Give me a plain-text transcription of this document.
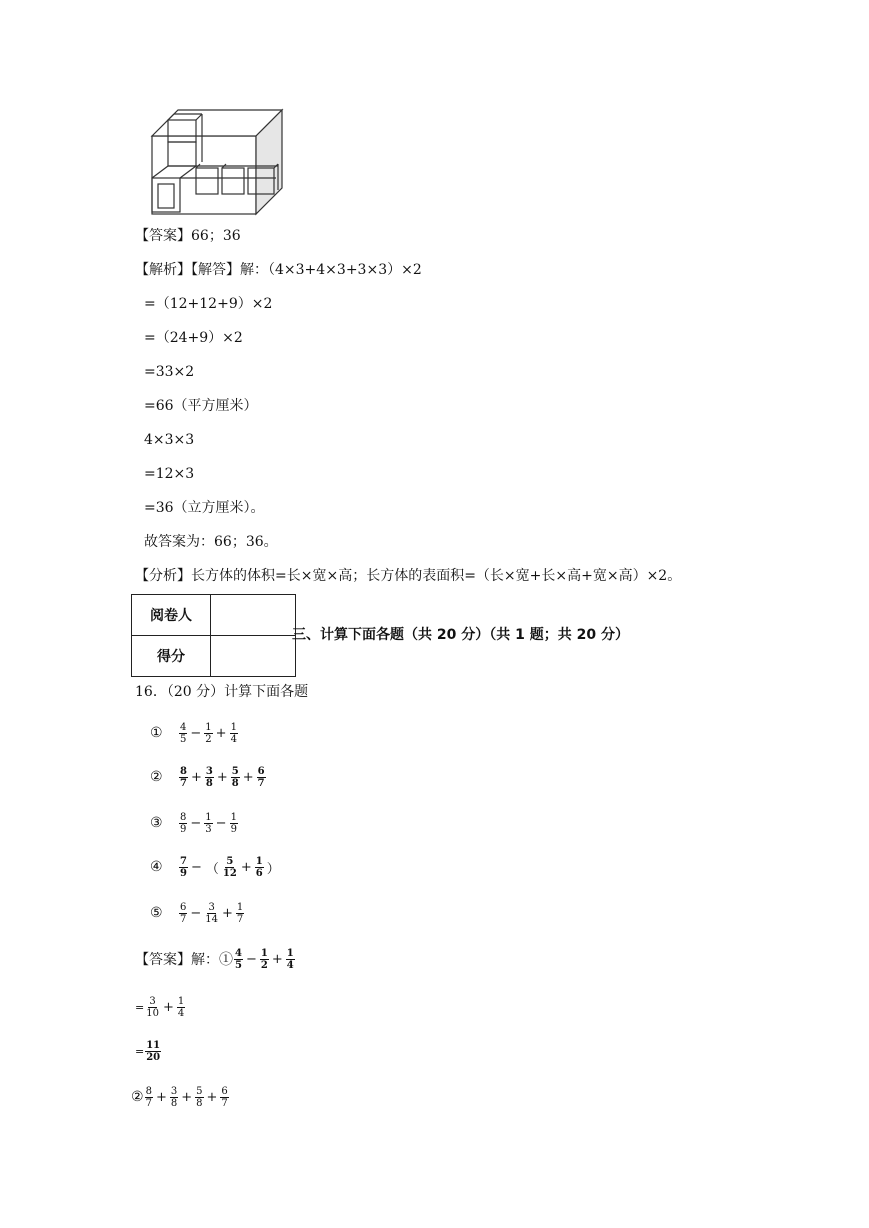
【答案】66；36
【解析】【解答】解：（4×3+4×3+3×3）×2
=（12+12+9）×2
=（24+9）×2
=33×2
=66（平方厘米）
4×3×3
=12×3
=36（立方厘米）。
故答案为：66；36。
【分析】长方体的体积=长×宽×高；长方体的表面积=（长×宽+长×高+宽×高）×2。
阅卷人	
得分	
三、计算下面各题（共 20 分）（共 1 题；共 20 分）
16．（20 分）计算下面各题
①	$\frac{4}{5} - \frac{1}{2} + \frac{1}{4}$
②	$\frac{8}{7} + \frac{3}{8} + \frac{5}{8} + \frac{6}{7}$
③	$\frac{8}{9} - \frac{1}{3} - \frac{1}{9}$
④	$\frac{7}{9}$ − （ $\frac{5}{12} + \frac{1}{6}$ ）
⑤	$\frac{6}{7} - \frac{3}{14} + \frac{1}{7}$
【答案】 解：① $\frac{4}{5} - \frac{1}{2} + \frac{1}{4}$
= $\frac{3}{10} + \frac{1}{4}$
= $\frac{11}{20}$
② $\frac{8}{7} + \frac{3}{8} + \frac{5}{8} + \frac{6}{7}$
